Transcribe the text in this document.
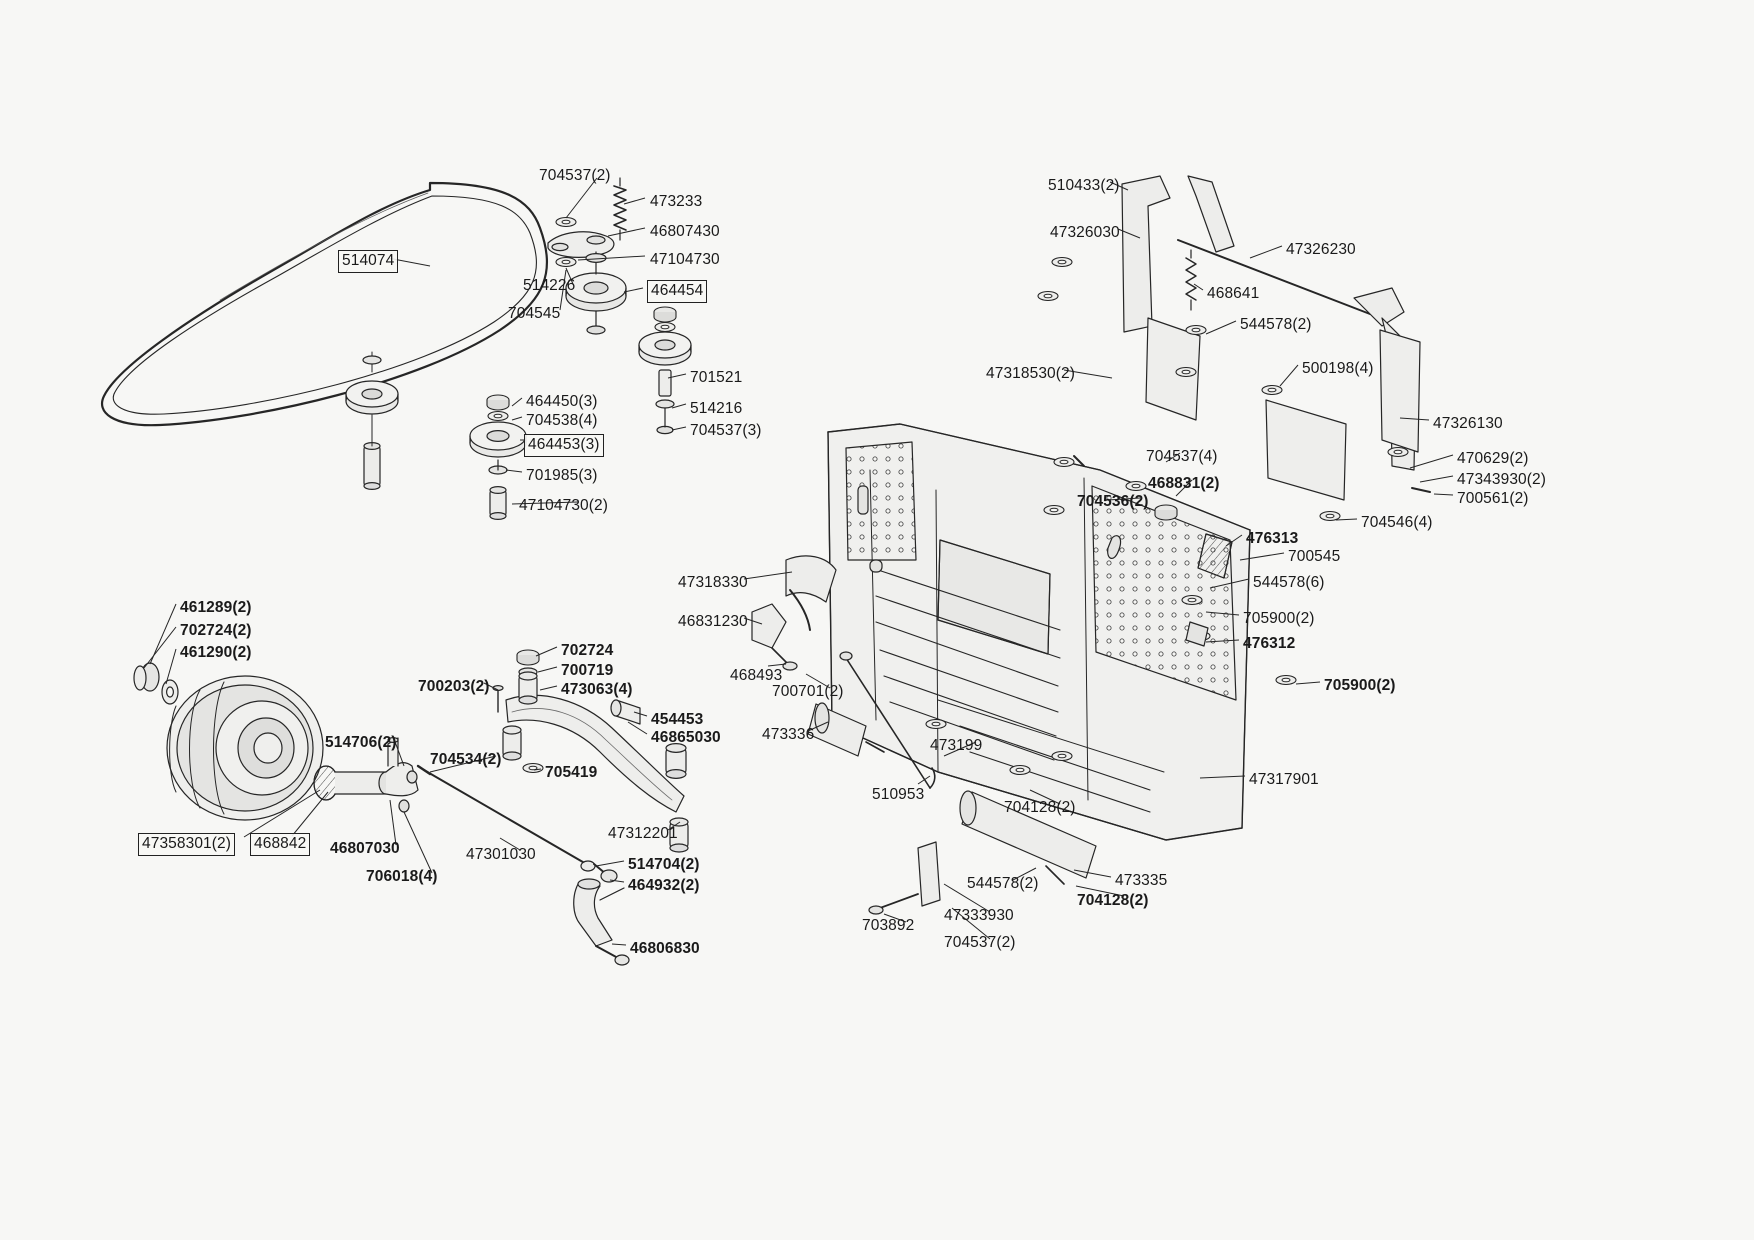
704537(2)
473233
46807430
47104730
514074
514226	464454
704545
701521
464450(3)	514216
704538(4)
704537(3)
464453(3)
701985(3)
47104730(2)
510433(2)
47326030
47326230
468641
544578(2)
500198(4)
47318530(2)
47326130
704537(4)	470629(2)
468831(2)	47343930(2)
704536(2)	700561(2)
704546(4)
476313
700545
544578(6)
705900(2)
476312
705900(2)
47318330
46831230
468493
700701(2)
473336
473199
510953
47317901
704128(2)
473335
544578(2)
704128(2)
47333930
704537(2)
703892
461289(2)
702724(2)
461290(2)	702724
700719
700203(2)	473063(4)
454453
46865030
514706(2)
704534(2)
705419
47312201
47358301(2) 468842 46807030	47301030
514704(2)
706018(4)
464932(2)
46806830
